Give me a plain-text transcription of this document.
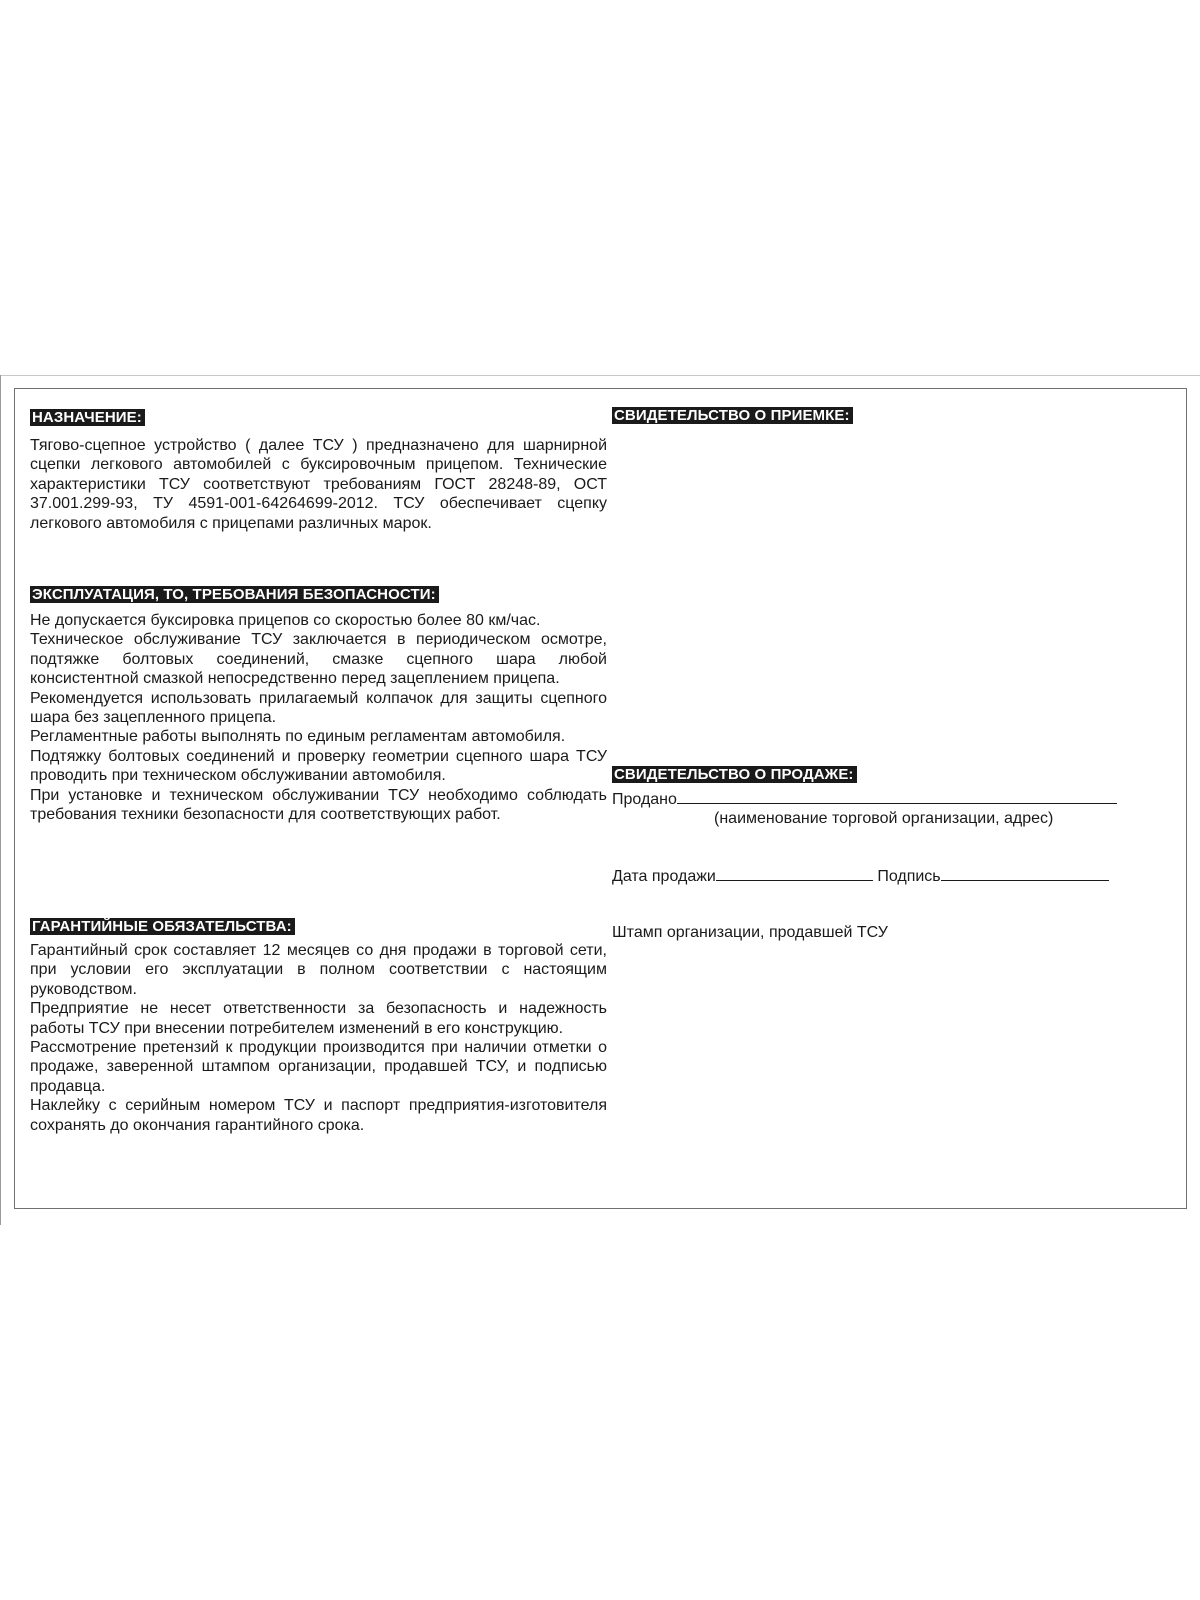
НАЗНАЧЕНИЕ:

Тягово-сцепное устройство ( далее ТСУ ) предназначено для шарнирной сцепки легкового автомобилей с буксировочным прицепом. Технические характеристики ТСУ соответствуют требованиям ГОСТ 28248-89, ОСТ 37.001.299-93, ТУ 4591-001-64264699-2012. ТСУ обеспечивает сцепку легкового автомобиля с прицепами различных марок.

ЭКСПЛУАТАЦИЯ, ТО, ТРЕБОВАНИЯ БЕЗОПАСНОСТИ:

Не допускается буксировка прицепов со скоростью более 80 км/час.

Техническое обслуживание ТСУ заключается в периодическом осмотре, подтяжке болтовых соединений, смазке сцепного шара любой консистентной смазкой непосредственно перед зацеплением прицепа.

Рекомендуется использовать прилагаемый колпачок для защиты сцепного шара без зацепленного прицепа.

Регламентные работы выполнять по единым регламентам автомобиля.

Подтяжку болтовых соединений и проверку геометрии сцепного шара ТСУ проводить при техническом обслуживании автомобиля.

При установке и техническом обслуживании ТСУ необходимо соблюдать требования техники безопасности для соответствующих работ.

ГАРАНТИЙНЫЕ ОБЯЗАТЕЛЬСТВА:

Гарантийный срок составляет 12 месяцев со дня продажи в торговой сети, при условии его эксплуатации в полном соответствии с настоящим руководством.

Предприятие не несет ответственности за безопасность и надежность работы ТСУ при внесении потребителем изменений в его конструкцию.

Рассмотрение претензий к продукции производится при наличии отметки о продаже, заверенной штампом организации, продавшей ТСУ, и подписью продавца.

Наклейку с серийным номером ТСУ и паспорт предприятия-изготовителя сохранять до окончания гарантийного срока.

СВИДЕТЕЛЬСТВО О ПРИЕМКЕ:
СВИДЕТЕЛЬСТВО О ПРОДАЖЕ:
Продано
(наименование торговой организации, адрес)
Дата продажи	Подпись
Штамп организации, продавшей ТСУ
